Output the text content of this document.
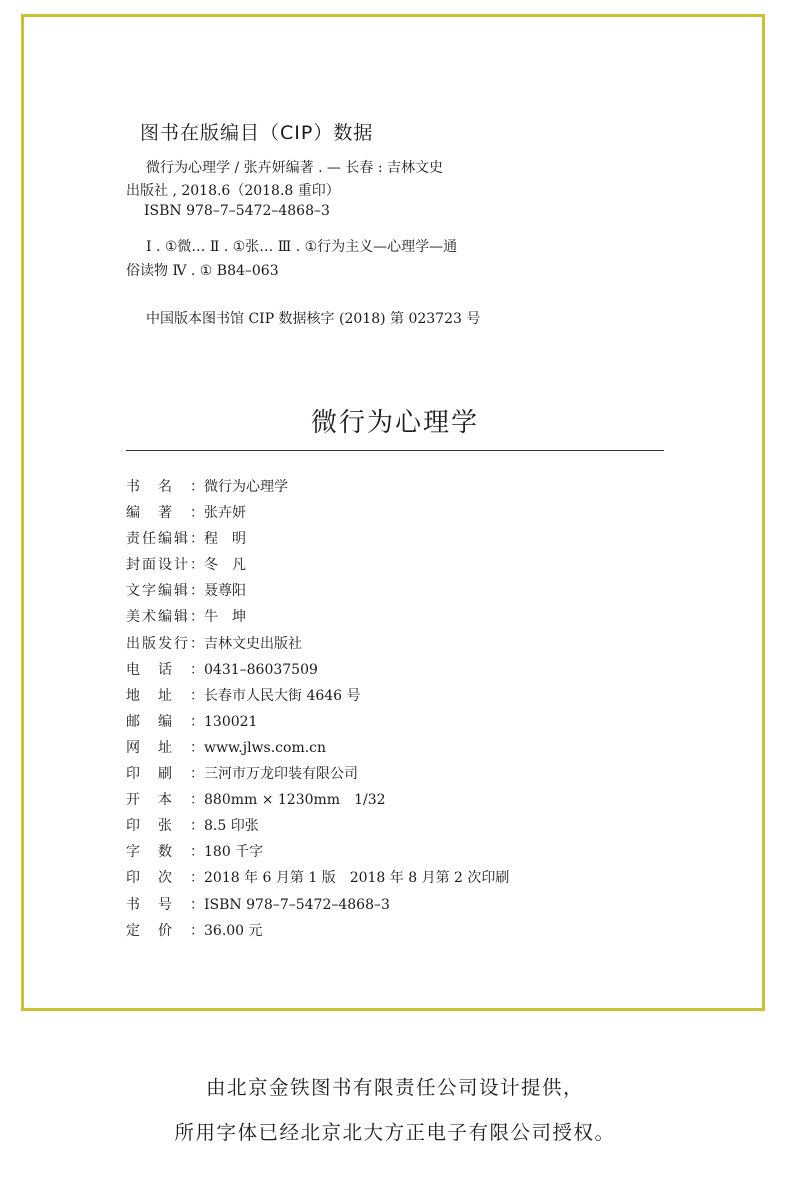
图书在版编目（CIP）数据
微行为心理学 / 张卉妍编著 . — 长春 : 吉林文史
出版社 , 2018.6（2018.8 重印）
ISBN 978–7–5472–4868–3
Ⅰ . ①微… Ⅱ . ①张… Ⅲ . ①行为主义—心理学—通
俗读物 Ⅳ . ① B84–063
中国版本图书馆 CIP 数据核字 (2018) 第 023723 号
微行为心理学
书名： 微行为心理学
编著： 张卉妍
责任编辑： 程　明
封面设计： 冬　凡
文字编辑： 聂尊阳
美术编辑： 牛　坤
出版发行： 吉林文史出版社
电话： 0431–86037509
地址： 长春市人民大街 4646 号
邮编： 130021
网址： www.jlws.com.cn
印刷： 三河市万龙印装有限公司
开本： 880mm × 1230mm　1/32
印张： 8.5 印张
字数： 180 千字
印次： 2018 年 6 月第 1 版　2018 年 8 月第 2 次印刷
书号： ISBN 978–7–5472–4868–3
定价： 36.00 元
由北京金铁图书有限责任公司设计提供，
所用字体已经北京北大方正电子有限公司授权。
